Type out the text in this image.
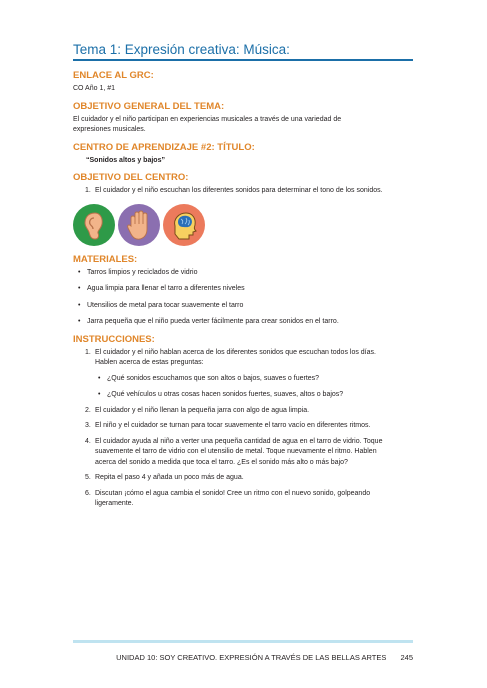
Tema 1: Expresión creativa: Música:
ENLACE AL GRC:
CO Año 1, #1
OBJETIVO GENERAL DEL TEMA:
El cuidador y el niño participan en experiencias musicales a través de una variedad de
expresiones musicales.
CENTRO DE APRENDIZAJE #2: TÍTULO:
“Sonidos altos y bajos”
OBJETIVO DEL CENTRO:
1. El cuidador y el niño escuchan los diferentes sonidos para determinar el tono de los sonidos.
MATERIALES:
• Tarros limpios y reciclados de vidrio
• Agua limpia para llenar el tarro a diferentes niveles
• Utensilios de metal para tocar suavemente el tarro
• Jarra pequeña que el niño pueda verter fácilmente para crear sonidos en el tarro.
INSTRUCCIONES:
1. El cuidador y el niño hablan acerca de los diferentes sonidos que escuchan todos los días.
Hablen acerca de estas preguntas:
• ¿Qué sonidos escuchamos que son altos o bajos, suaves o fuertes?
• ¿Qué vehículos u otras cosas hacen sonidos fuertes, suaves, altos o bajos?
2. El cuidador y el niño llenan la pequeña jarra con algo de agua limpia.
3. El niño y el cuidador se turnan para tocar suavemente el tarro vacío en diferentes ritmos.
4. El cuidador ayuda al niño a verter una pequeña cantidad de agua en el tarro de vidrio. Toque
suavemente el tarro de vidrio con el utensilio de metal. Toque nuevamente el ritmo. Hablen
acerca del sonido a medida que toca el tarro. ¿Es el sonido más alto o más bajo?
5. Repita el paso 4 y añada un poco más de agua.
6. Discutan ¡cómo el agua cambia el sonido! Cree un ritmo con el nuevo sonido, golpeando
ligeramente.
UNIDAD 10: SOY CREATIVO. EXPRESIÓN A TRAVÉS DE LAS BELLAS ARTES 245
